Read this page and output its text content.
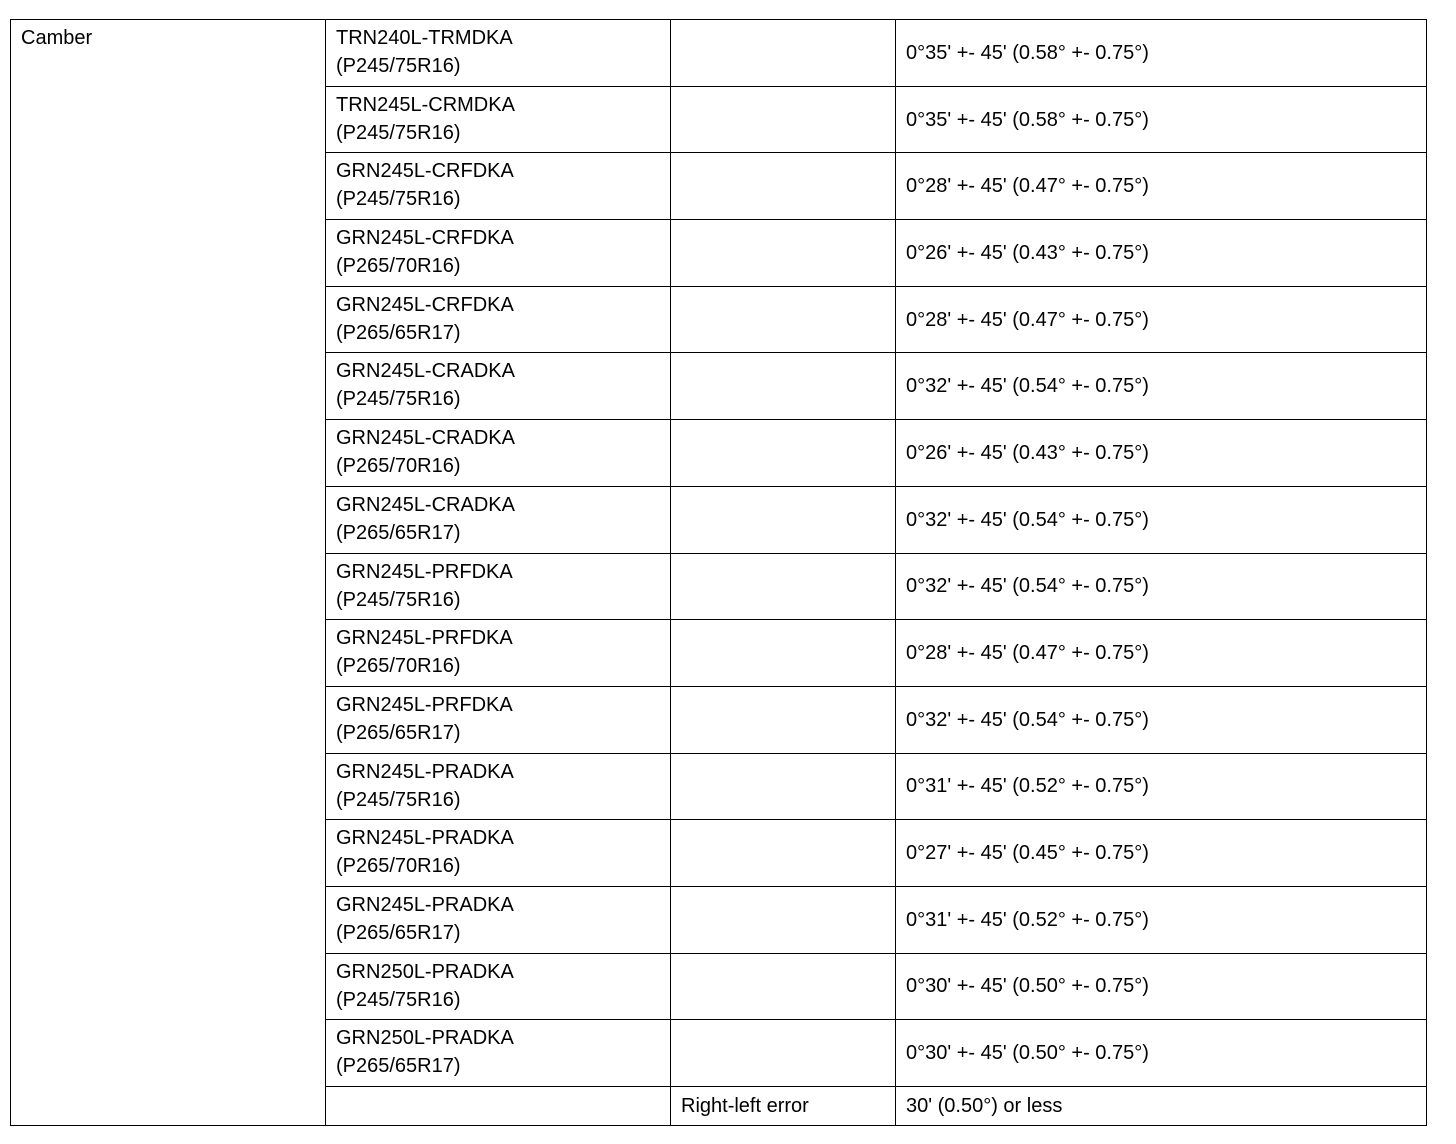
Camber	TRN240L-TRMDKA
(P245/75R16)		0°35' +- 45' (0.58° +- 0.75°)

	TRN245L-CRMDKA
(P245/75R16)		0°35' +- 45' (0.58° +- 0.75°)

	GRN245L-CRFDKA
(P245/75R16)		0°28' +- 45' (0.47° +- 0.75°)

	GRN245L-CRFDKA
(P265/70R16)		0°26' +- 45' (0.43° +- 0.75°)

	GRN245L-CRFDKA
(P265/65R17)		0°28' +- 45' (0.47° +- 0.75°)

	GRN245L-CRADKA
(P245/75R16)		0°32' +- 45' (0.54° +- 0.75°)

	GRN245L-CRADKA
(P265/70R16)		0°26' +- 45' (0.43° +- 0.75°)

	GRN245L-CRADKA
(P265/65R17)		0°32' +- 45' (0.54° +- 0.75°)

	GRN245L-PRFDKA
(P245/75R16)		0°32' +- 45' (0.54° +- 0.75°)

	GRN245L-PRFDKA
(P265/70R16)		0°28' +- 45' (0.47° +- 0.75°)

	GRN245L-PRFDKA
(P265/65R17)		0°32' +- 45' (0.54° +- 0.75°)

	GRN245L-PRADKA
(P245/75R16)		0°31' +- 45' (0.52° +- 0.75°)

	GRN245L-PRADKA
(P265/70R16)		0°27' +- 45' (0.45° +- 0.75°)

	GRN245L-PRADKA
(P265/65R17)		0°31' +- 45' (0.52° +- 0.75°)

	GRN250L-PRADKA
(P245/75R16)		0°30' +- 45' (0.50° +- 0.75°)

	GRN250L-PRADKA
(P265/65R17)		0°30' +- 45' (0.50° +- 0.75°)
		Right-left error	30' (0.50°) or less
